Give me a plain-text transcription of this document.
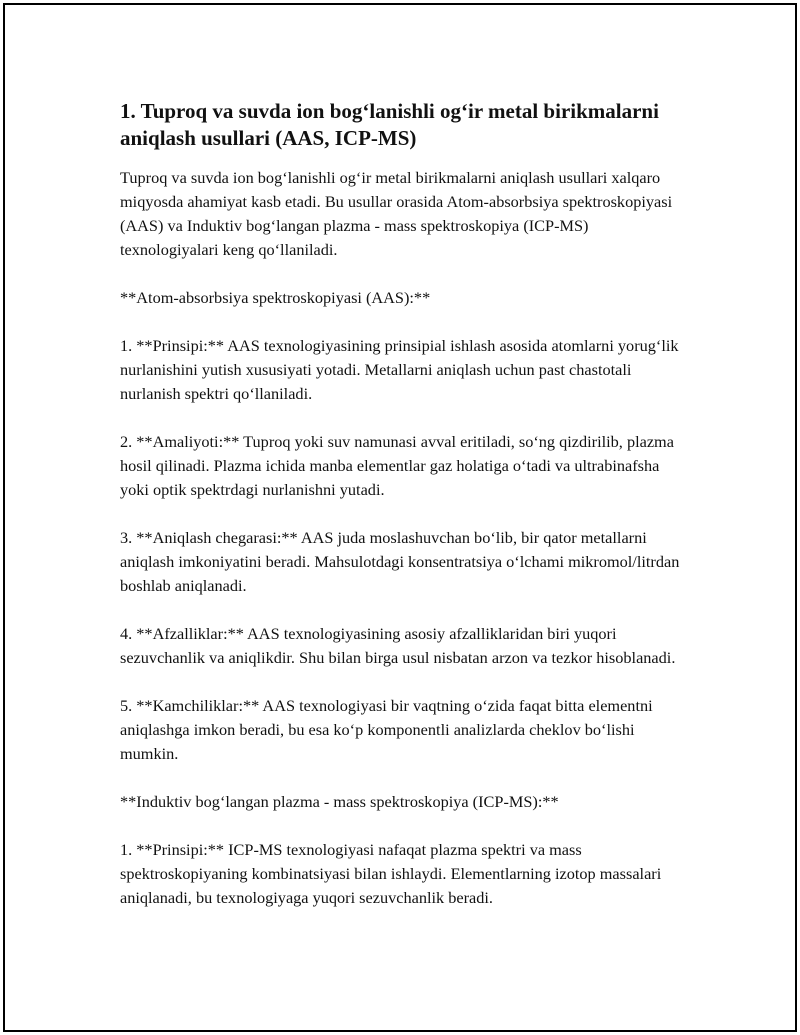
1. Tuproq va suvda ion bog‘lanishli og‘ir metal birikmalarni aniqlash usullari (AAS, ICP-MS)

Tuproq va suvda ion bog‘lanishli og‘ir metal birikmalarni aniqlash usullari xalqaro miqyosda ahamiyat kasb etadi. Bu usullar orasida Atom-absorbsiya spektroskopiyasi (AAS) va Induktiv bog‘langan plazma - mass spektroskopiya (ICP-MS) texnologiyalari keng qo‘llaniladi.

**Atom-absorbsiya spektroskopiyasi (AAS):**

1. **Prinsipi:** AAS texnologiyasining prinsipial ishlash asosida atomlarni yorug‘lik nurlanishini yutish xususiyati yotadi. Metallarni aniqlash uchun past chastotali nurlanish spektri qo‘llaniladi.

2. **Amaliyoti:** Tuproq yoki suv namunasi avval eritiladi, so‘ng qizdirilib, plazma hosil qilinadi. Plazma ichida manba elementlar gaz holatiga o‘tadi va ultrabinafsha yoki optik spektrdagi nurlanishni yutadi.

3. **Aniqlash chegarasi:** AAS juda moslashuvchan bo‘lib, bir qator metallarni aniqlash imkoniyatini beradi. Mahsulotdagi konsentratsiya o‘lchami mikromol/litrdan boshlab aniqlanadi.

4. **Afzalliklar:** AAS texnologiyasining asosiy afzalliklaridan biri yuqori sezuvchanlik va aniqlikdir. Shu bilan birga usul nisbatan arzon va tezkor hisoblanadi.

5. **Kamchiliklar:** AAS texnologiyasi bir vaqtning o‘zida faqat bitta elementni aniqlashga imkon beradi, bu esa ko‘p komponentli analizlarda cheklov bo‘lishi mumkin.

**Induktiv bog‘langan plazma - mass spektroskopiya (ICP-MS):**

1. **Prinsipi:** ICP-MS texnologiyasi nafaqat plazma spektri va mass spektroskopiyaning kombinatsiyasi bilan ishlaydi. Elementlarning izotop massalari aniqlanadi, bu texnologiyaga yuqori sezuvchanlik beradi.
